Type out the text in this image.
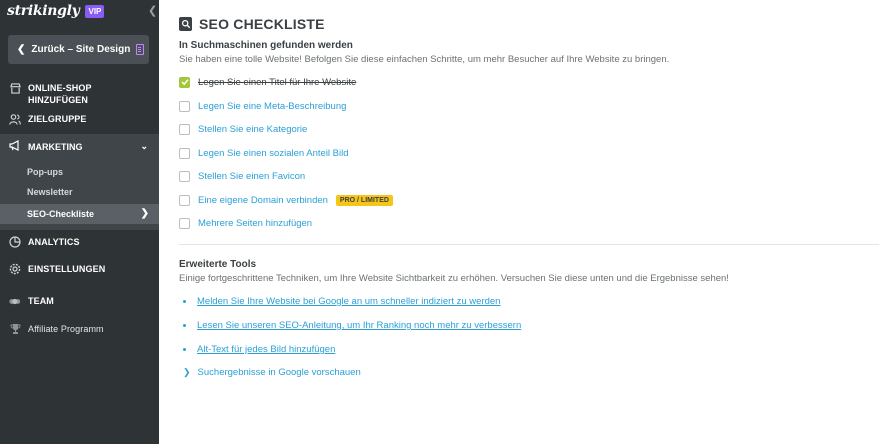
strikingly	VIP	❮
❮ Zurück – Site Design
ONLINE-SHOP HINZUFÜGEN
ZIELGRUPPE
MARKETING	⌄
Pop-ups
Newsletter
SEO-Checkliste	❯
ANALYTICS
EINSTELLUNGEN
TEAM
Affiliate Programm
SEO CHECKLISTE
In Suchmaschinen gefunden werden
Sie haben eine tolle Website! Befolgen Sie diese einfachen Schritte, um mehr Besucher auf Ihre Website zu bringen.
Legen Sie einen Titel für Ihre Website
Legen Sie eine Meta-Beschreibung
Stellen Sie eine Kategorie
Legen Sie einen sozialen Anteil Bild
Stellen Sie einen Favicon
Eine eigene Domain verbinden	PRO / LIMITED
Mehrere Seiten hinzufügen
Erweiterte Tools
Einige fortgeschrittene Techniken, um Ihre Website Sichtbarkeit zu erhöhen. Versuchen Sie diese unten und die Ergebnisse sehen!
Melden Sie Ihre Website bei Google an um schneller indiziert zu werden
Lesen Sie unseren SEO-Anleitung, um Ihr Ranking noch mehr zu verbessern
Alt-Text für jedes Bild hinzufügen
❯ Suchergebnisse in Google vorschauen
